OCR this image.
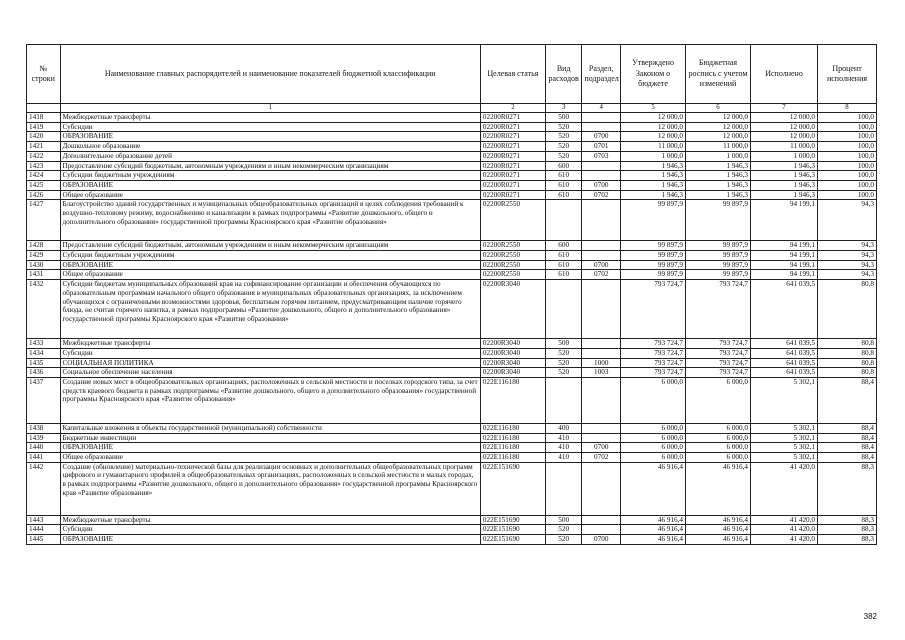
№ строки	Наименование главных распорядителей и наименование показателей бюджетной классификации	Целевая статья	Вид расходов	Раздел, подраздел	Утверждено Законом о бюджете	Бюджетная роспись с учетом изменений	Исполнено	Процент исполнения
	1	2	3	4	5	6	7	8
1418	Межбюджетные трансферты	02200R0271	500		12 000,0	12 000,0	12 000,0	100,0
1419	Субсидии	02200R0271	520		12 000,0	12 000,0	12 000,0	100,0
1420	ОБРАЗОВАНИЕ	02200R0271	520	0700	12 000,0	12 000,0	12 000,0	100,0
1421	Дошкольное образование	02200R0271	520	0701	11 000,0	11 000,0	11 000,0	100,0
1422	Дополнительное образование детей	02200R0271	520	0703	1 000,0	1 000,0	1 000,0	100,0
1423	Предоставление субсидий бюджетным, автономным учреждениям и иным некоммерческим организациям	02200R0271	600		1 946,3	1 946,3	1 946,3	100,0
1424	Субсидии бюджетным учреждениям	02200R0271	610		1 946,3	1 946,3	1 946,3	100,0
1425	ОБРАЗОВАНИЕ	02200R0271	610	0700	1 946,3	1 946,3	1 946,3	100,0
1426	Общее образование	02200R0271	610	0702	1 946,3	1 946,3	1 946,3	100,0
1427	Благоустройство зданий государственных и муниципальных общеобразовательных организаций в целях соблюдения требований к воздушно-тепловому режиму, водоснабжению и канализации в рамках подпрограммы «Развитие дошкольного, общего и дополнительного образования» государственной программы Красноярского края «Развитие образования»	02200R2550			99 897,9	99 897,9	94 199,1	94,3
1428	Предоставление субсидий бюджетным, автономным учреждениям и иным некоммерческим организациям	02200R2550	600		99 897,9	99 897,9	94 199,1	94,3
1429	Субсидии бюджетным учреждениям	02200R2550	610		99 897,9	99 897,9	94 199,1	94,3
1430	ОБРАЗОВАНИЕ	02200R2550	610	0700	99 897,9	99 897,9	94 199,1	94,3
1431	Общее образование	02200R2550	610	0702	99 897,9	99 897,9	94 199,1	94,3
1432	Субсидии бюджетам муниципальных образований края на софинансирование организации и обеспечения обучающихся по образовательным программам начального общего образования в муниципальных образовательных организациях, за исключением обучающихся с ограниченными возможностями здоровья, бесплатным горячим питанием, предусматривающим наличие горячего блюда, не считая горячего напитка, в рамках подпрограммы «Развитие дошкольного, общего и дополнительного образования» государственной программы Красноярского края «Развитие образования»	02200R3040			793 724,7	793 724,7	641 039,5	80,8
1433	Межбюджетные трансферты	02200R3040	500		793 724,7	793 724,7	641 039,5	80,8
1434	Субсидии	02200R3040	520		793 724,7	793 724,7	641 039,5	80,8
1435	СОЦИАЛЬНАЯ ПОЛИТИКА	02200R3040	520	1000	793 724,7	793 724,7	641 039,5	80,8
1436	Социальное обеспечение населения	02200R3040	520	1003	793 724,7	793 724,7	641 039,5	80,8
1437	Создание новых мест в общеобразовательных организациях, расположенных в сельской местности и поселках городского типа, за счет средств краевого бюджета в рамках подпрограммы «Развитие дошкольного, общего и дополнительного образования» государственной программы Красноярского края «Развитие образования»	022E116180			6 000,0	6 000,0	5 302,1	88,4
1438	Капитальные вложения в объекты государственной (муниципальной) собственности	022E116180	400		6 000,0	6 000,0	5 302,1	88,4
1439	Бюджетные инвестиции	022E116180	410		6 000,0	6 000,0	5 302,1	88,4
1440	ОБРАЗОВАНИЕ	022E116180	410	0700	6 000,0	6 000,0	5 302,1	88,4
1441	Общее образование	022E116180	410	0702	6 000,0	6 000,0	5 302,1	88,4
1442	Создание (обновление) материально-технической базы для реализации основных и дополнительных общеобразовательных программ цифрового и гуманитарного профилей в общеобразовательных организациях, расположенных в сельской местности и малых городах, в рамках подпрограммы «Развитие дошкольного, общего и дополнительного образования» государственной программы Красноярского края «Развитие образования»	022E151690			46 916,4	46 916,4	41 420,0	88,3
1443	Межбюджетные трансферты	022E151690	500		46 916,4	46 916,4	41 420,0	88,3
1444	Субсидии	022E151690	520		46 916,4	46 916,4	41 420,0	88,3
1445	ОБРАЗОВАНИЕ	022E151690	520	0700	46 916,4	46 916,4	41 420,0	88,3
382
